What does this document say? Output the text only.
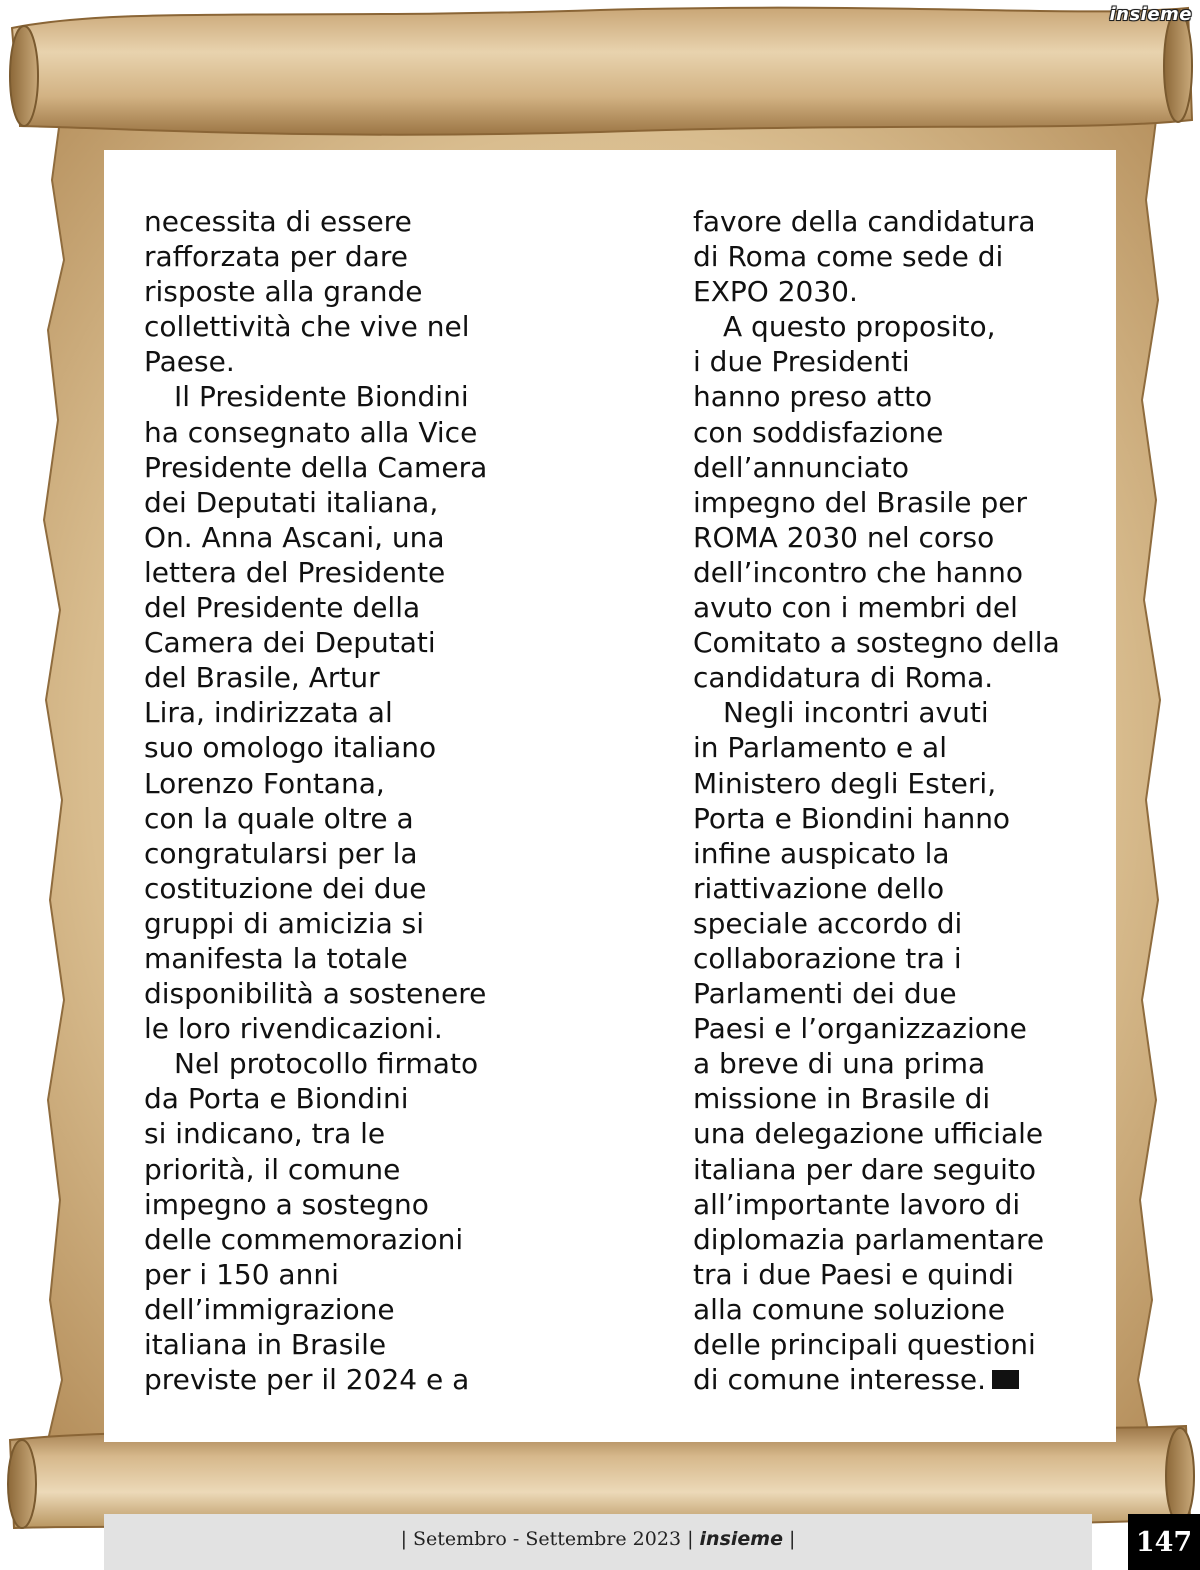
insieme
necessita di essere
rafforzata per dare
risposte alla grande
collettività che vive nel
Paese.
Il Presidente Biondini
ha consegnato alla Vice
Presidente della Camera
dei Deputati italiana,
On. Anna Ascani, una
lettera del Presidente
del Presidente della
Camera dei Deputati
del Brasile, Artur
Lira, indirizzata al
suo omologo italiano
Lorenzo Fontana,
con la quale oltre a
congratularsi per la
costituzione dei due
gruppi di amicizia si
manifesta la totale
disponibilità a sostenere
le loro rivendicazioni.
Nel protocollo firmato
da Porta e Biondini
si indicano, tra le
priorità, il comune
impegno a sostegno
delle commemorazioni
per i 150 anni
dell’immigrazione
italiana in Brasile
previste per il 2024 e a
favore della candidatura
di Roma come sede di
EXPO 2030.
A questo proposito,
i due Presidenti
hanno preso atto
con soddisfazione
dell’annunciato
impegno del Brasile per
ROMA 2030 nel corso
dell’incontro che hanno
avuto con i membri del
Comitato a sostegno della
candidatura di Roma.
Negli incontri avuti
in Parlamento e al
Ministero degli Esteri,
Porta e Biondini hanno
infine auspicato la
riattivazione dello
speciale accordo di
collaborazione tra i
Parlamenti dei due
Paesi e l’organizzazione
a breve di una prima
missione in Brasile di
una delegazione ufficiale
italiana per dare seguito
all’importante lavoro di
diplomazia parlamentare
tra i due Paesi e quindi
alla comune soluzione
delle principali questioni
di comune interesse.
| Setembro - Settembre 2023 | insieme |	147
